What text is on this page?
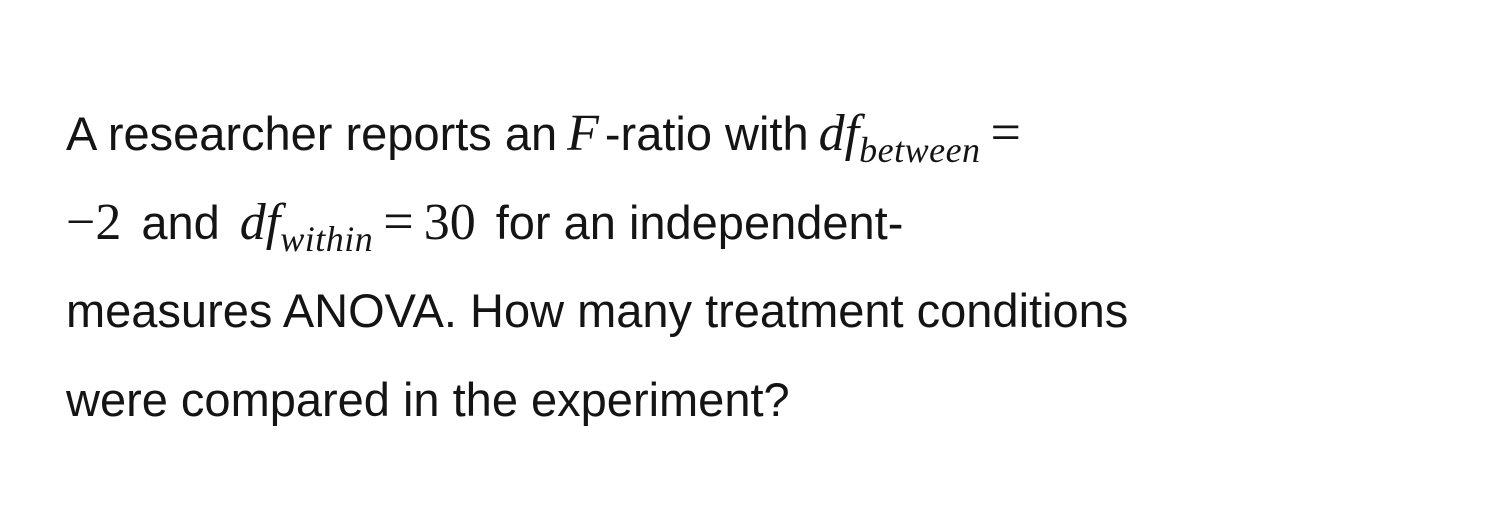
A researcher reports an F -ratio with $df_{between}$ =
−2 and $df_{within} = 30$ for an independent-
measures ANOVA. How many treatment conditions
were compared in the experiment?
